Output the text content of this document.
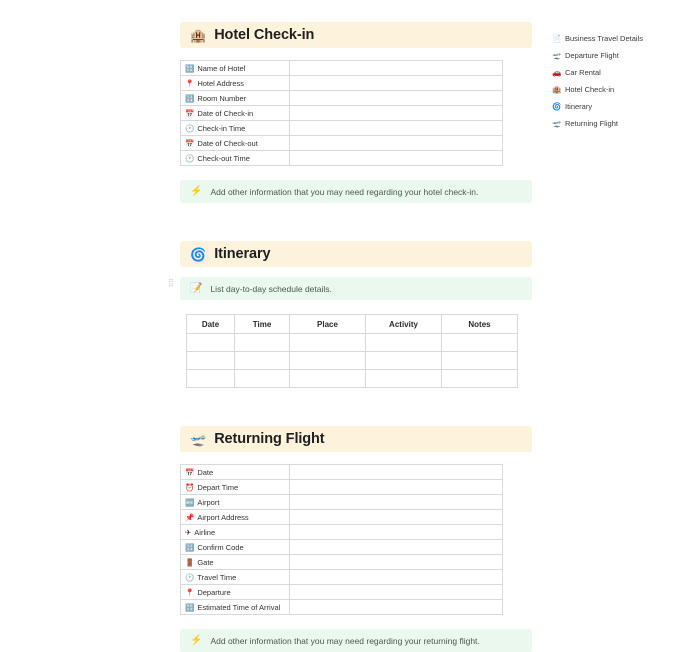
🏨 Hotel Check-in
🔠 Name of Hotel	
📍 Hotel Address	
🔢 Room Number	
📅 Date of Check-in	
🕐 Check-in Time	
📅 Date of Check-out	
🕐 Check-out Time	
⚡ Add other information that you may need regarding your hotel check-in.
🌀 Itinerary
⣿
📝 List day-to-day schedule details.
Date	Time	Place	Activity	Notes

🛫 Returning Flight
📅 Date	
⏰ Depart Time	
🔤 Airport	
📌 Airport Address	
✈ Airline	
🔢 Confirm Code	
🚪 Gate	
🕐 Travel Time	
📍 Departure	
🔡 Estimated Time of Arrival	
⚡ Add other information that you may need regarding your returning flight.
📄 Business Travel Details
🛫 Departure Flight
🚗 Car Rental
🏨 Hotel Check-in
🌀 Itinerary
🛫 Returning Flight
